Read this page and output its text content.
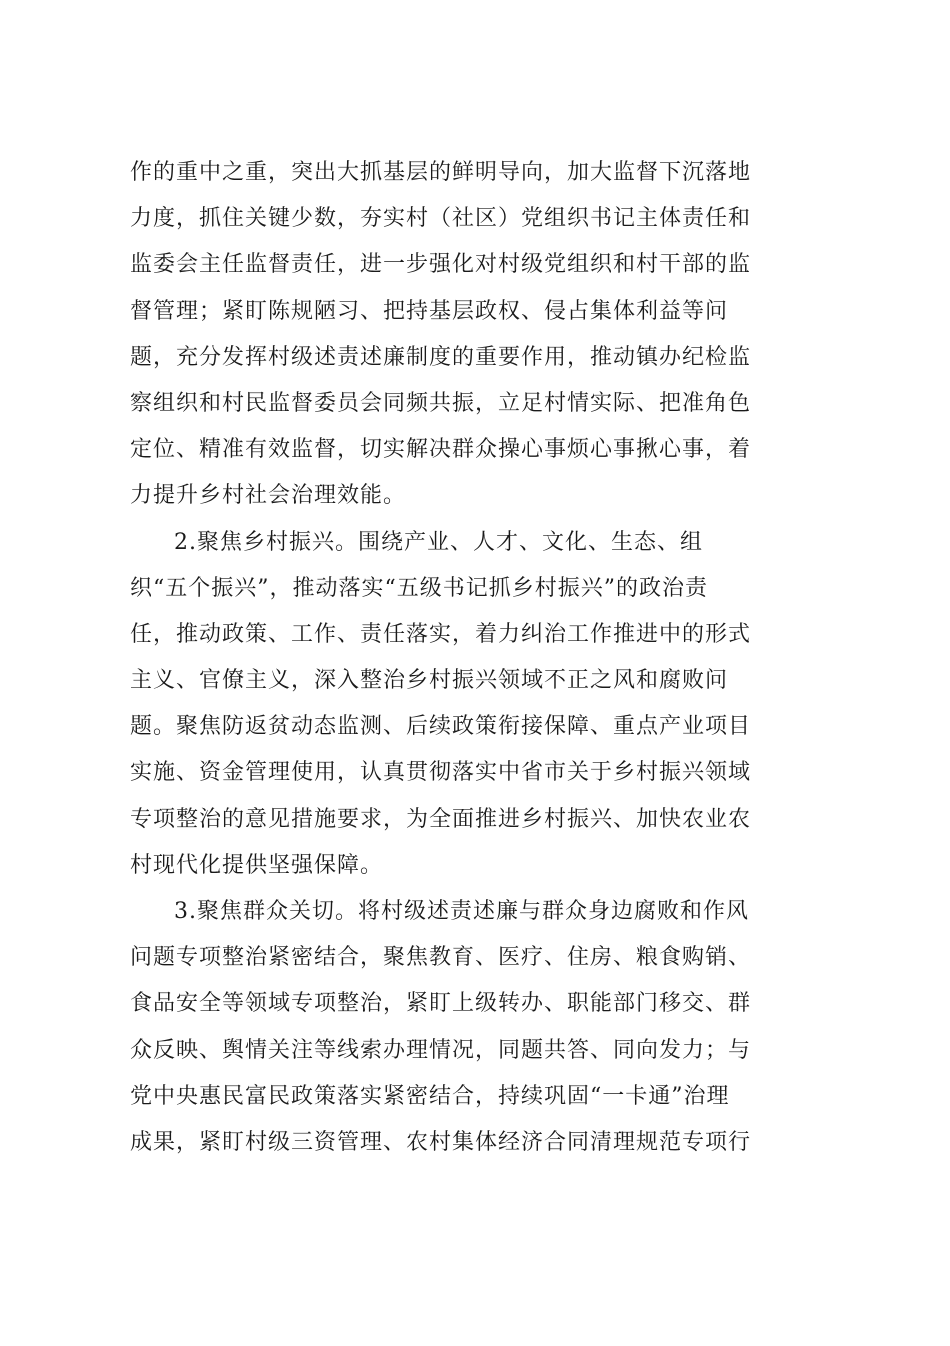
作的重中之重，突出大抓基层的鲜明导向，加大监督下沉落地
力度，抓住关键少数，夯实村（社区）党组织书记主体责任和
监委会主任监督责任，进一步强化对村级党组织和村干部的监
督管理；紧盯陈规陋习、把持基层政权、侵占集体利益等问
题，充分发挥村级述责述廉制度的重要作用，推动镇办纪检监
察组织和村民监督委员会同频共振，立足村情实际、把准角色
定位、精准有效监督，切实解决群众操心事烦心事揪心事，着
力提升乡村社会治理效能。
2.聚焦乡村振兴。围绕产业、人才、文化、生态、组
织“五个振兴”，推动落实“五级书记抓乡村振兴”的政治责
任，推动政策、工作、责任落实，着力纠治工作推进中的形式
主义、官僚主义，深入整治乡村振兴领域不正之风和腐败问
题。聚焦防返贫动态监测、后续政策衔接保障、重点产业项目
实施、资金管理使用，认真贯彻落实中省市关于乡村振兴领域
专项整治的意见措施要求，为全面推进乡村振兴、加快农业农
村现代化提供坚强保障。
3.聚焦群众关切。将村级述责述廉与群众身边腐败和作风
问题专项整治紧密结合，聚焦教育、医疗、住房、粮食购销、
食品安全等领域专项整治，紧盯上级转办、职能部门移交、群
众反映、舆情关注等线索办理情况，同题共答、同向发力；与
党中央惠民富民政策落实紧密结合，持续巩固“一卡通”治理
成果，紧盯村级三资管理、农村集体经济合同清理规范专项行
